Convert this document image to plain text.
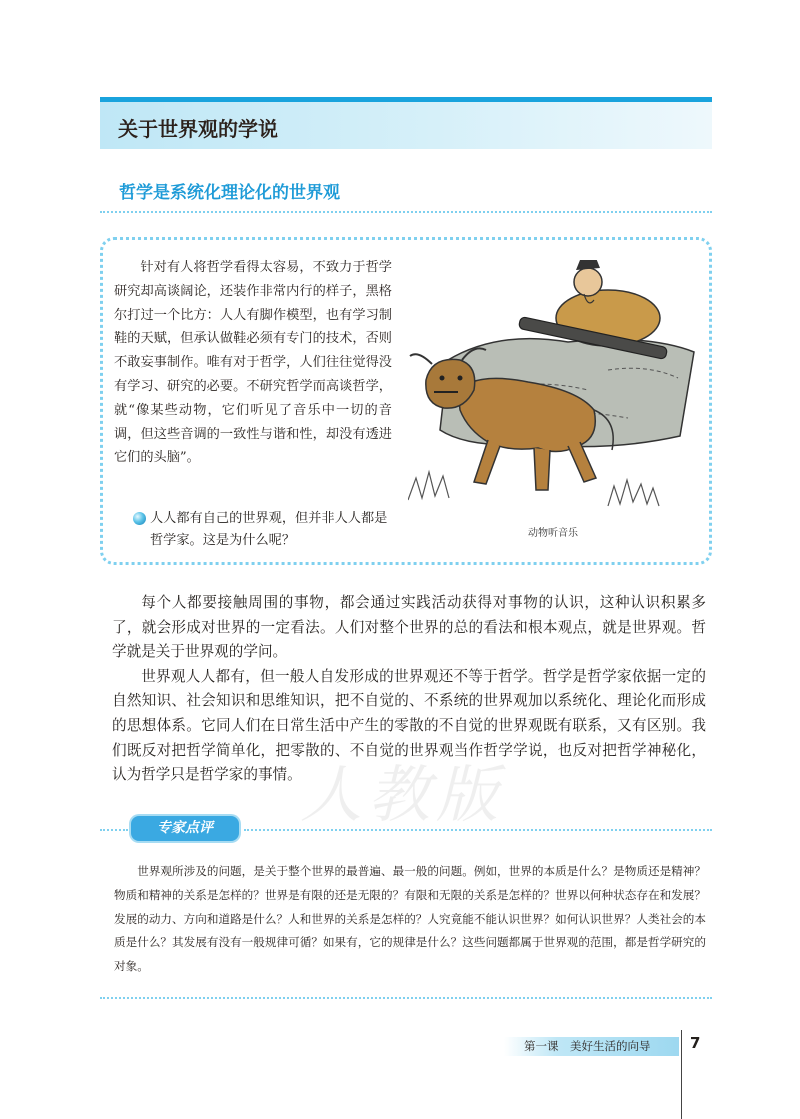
关于世界观的学说
哲学是系统化理论化的世界观

针对有人将哲学看得太容易，不致力于哲学研究却高谈阔论，还装作非常内行的样子，黑格尔打过一个比方：人人有脚作模型，也有学习制鞋的天赋，但承认做鞋必须有专门的技术，否则不敢妄事制作。唯有对于哲学，人们往往觉得没有学习、研究的必要。不研究哲学而高谈哲学，就“像某些动物，它们听见了音乐中一切的音调，但这些音调的一致性与谐和性，却没有透进它们的头脑”。

人人都有自己的世界观，但并非人人都是哲学家。这是为什么呢？	动物听音乐

每个人都要接触周围的事物，都会通过实践活动获得对事物的认识，这种认识积累多了，就会形成对世界的一定看法。人们对整个世界的总的看法和根本观点，就是世界观。哲学就是关于世界观的学问。

世界观人人都有，但一般人自发形成的世界观还不等于哲学。哲学是哲学家依据一定的自然知识、社会知识和思维知识，把不自觉的、不系统的世界观加以系统化、理论化而形成的思想体系。它同人们在日常生活中产生的零散的不自觉的世界观既有联系，又有区别。我们既反对把哲学简单化，把零散的、不自觉的世界观当作哲学学说，也反对把哲学神秘化，认为哲学只是哲学家的事情。

人教版
专家点评

世界观所涉及的问题，是关于整个世界的最普遍、最一般的问题。例如，世界的本质是什么？是物质还是精神？物质和精神的关系是怎样的？世界是有限的还是无限的？有限和无限的关系是怎样的？世界以何种状态存在和发展？发展的动力、方向和道路是什么？人和世界的关系是怎样的？人究竟能不能认识世界？如何认识世界？人类社会的本质是什么？其发展有没有一般规律可循？如果有，它的规律是什么？这些问题都属于世界观的范围，都是哲学研究的对象。

第一课　美好生活的向导	7
